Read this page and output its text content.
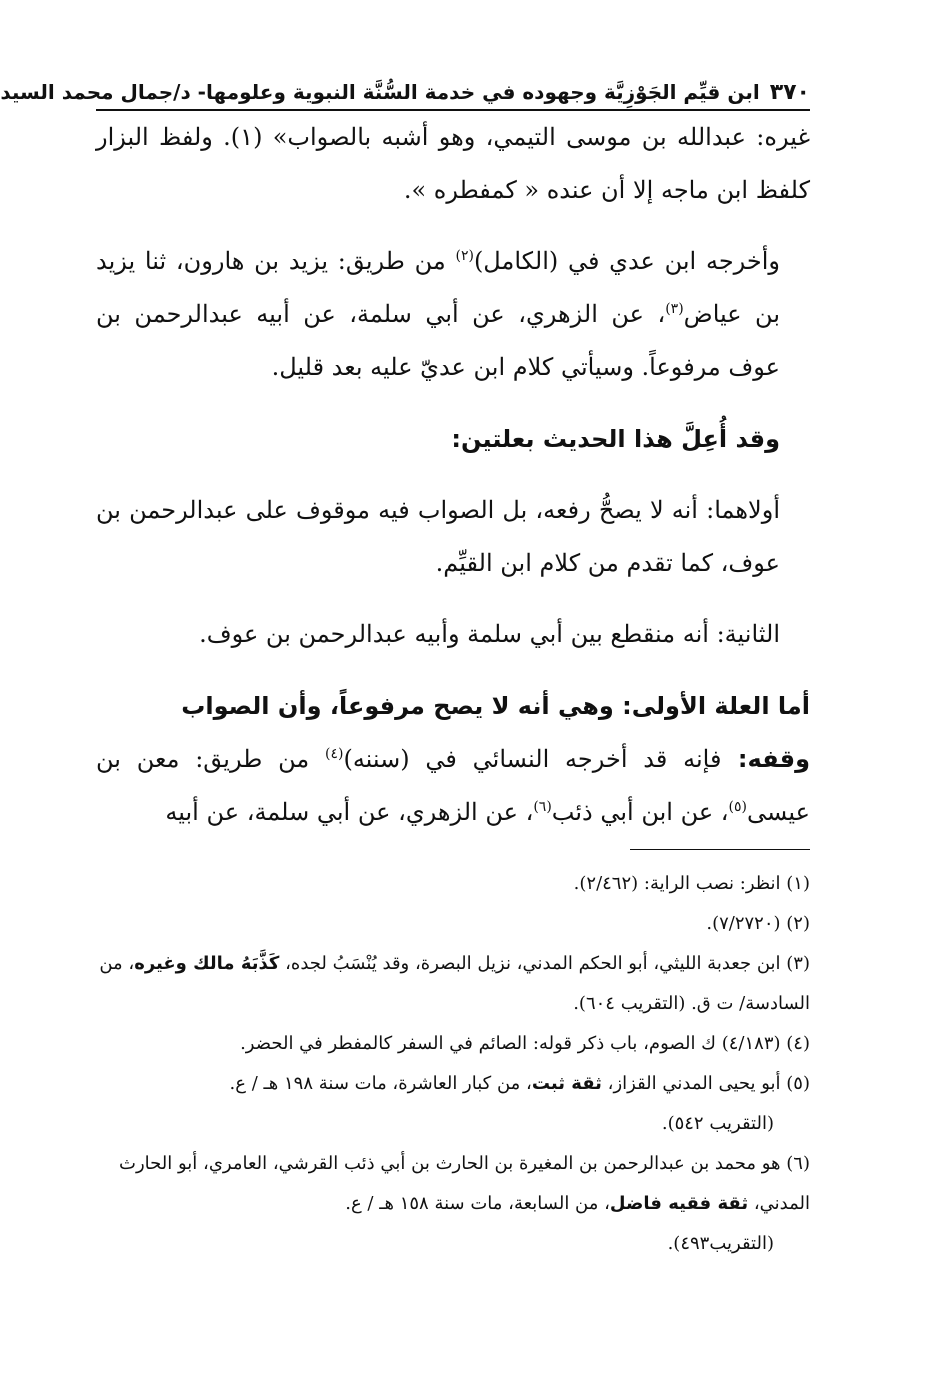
٣٧٠
ابن قيِّم الجَوْزِيَّة وجهوده في خدمة السُّنَّة النبوية وعلومها- د/جمال محمد السيد

غيره: عبدالله بن موسى التيمي، وهو أشبه بالصواب» (١). ولفظ البزار كلفظ ابن ماجه إلا أن عنده « كمفطره ».

وأخرجه ابن عدي في (الكامل)$^{(٢)}$ من طريق: يزيد بن هارون، ثنا يزيد بن عياض$^{(٣)}$، عن الزهري، عن أبي سلمة، عن أبيه عبدالرحمن بن عوف مرفوعاً. وسيأتي كلام ابن عديّ عليه بعد قليل.

وقد أُعِلَّ هذا الحديث بعلتين:

أولاهما: أنه لا يصحُّ رفعه، بل الصواب فيه موقوف على عبدالرحمن بن عوف، كما تقدم من كلام ابن القيِّم.

الثانية: أنه منقطع بين أبي سلمة وأبيه عبدالرحمن بن عوف.

أما العلة الأولى: وهي أنه لا يصح مرفوعاً، وأن الصواب

وقفه: فإنه قد أخرجه النسائي في (سننه)$^{(٤)}$ من طريق: معن بن عيسى$^{(٥)}$، عن ابن أبي ذئب$^{(٦)}$، عن الزهري، عن أبي سلمة، عن أبيه

(١) انظر: نصب الراية: (٢/٤٦٢).

(٢) (٧/٢٧٢٠).

(٣) ابن جعدبة الليثي، أبو الحكم المدني، نزيل البصرة، وقد يُنْسَبُ لجده، كَذَّبَهُ مالك وغيره، من السادسة/ ت ق. (التقريب ٦٠٤).

(٤) (٤/١٨٣) ك الصوم، باب ذكر قوله: الصائم في السفر كالمفطر في الحضر.

(٥) أبو يحيى المدني القزاز، ثقة ثبت، من كبار العاشرة، مات سنة ١٩٨ هـ / ع.
(التقريب ٥٤٢).

(٦) هو محمد بن عبدالرحمن بن المغيرة بن الحارث بن أبي ذئب القرشي، العامري، أبو الحارث المدني، ثقة فقيه فاضل، من السابعة، مات سنة ١٥٨ هـ / ع.
(التقريب٤٩٣).
